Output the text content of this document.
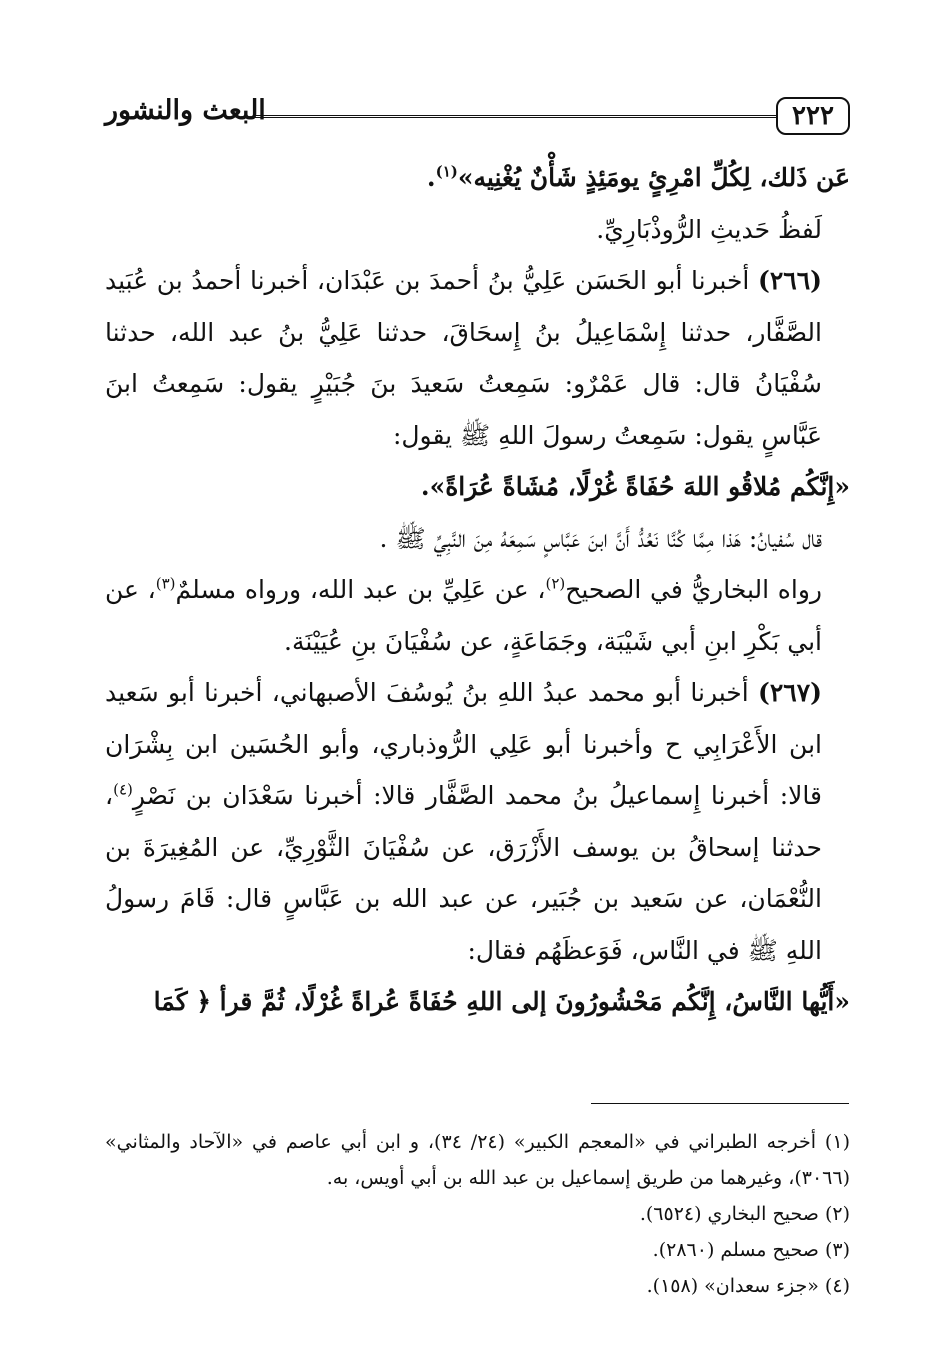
٢٢٢
البعث والنشور

عَن ذَلك، لِكُلِّ امْرِئٍ يومَئِذٍ شَأْنٌ يُغْنِيه»$^{(١)}$.

لَفظُ حَديثِ الرُّوذْبَارِيِّ.

(٢٦٦) أخبرنا أبو الحَسَن عَلِيُّ بنُ أحمدَ بن عَبْدَان، أخبرنا أحمدُ بن عُبَيد الصَّفَّار، حدثنا إِسْمَاعِيلُ بنُ إِسحَاقَ، حدثنا عَلِيُّ بنُ عبد الله، حدثنا سُفْيَانُ قال: قال عَمْرٌو: سَمِعتُ سَعيدَ بنَ جُبَيْرٍ يقول: سَمِعتُ ابنَ عَبَّاسٍ يقول: سَمِعتُ رسولَ اللهِ ﷺ يقول:

«إِنَّكُم مُلاقُو اللهَ حُفَاةً غُرْلًا، مُشَاةً عُرَاةً».

قال سُفيانُ: هَذا مِمَّا كُنَّا نَعُدُّ أَنَّ ابنَ عَبَّاسٍ سَمِعَهُ مِنَ النَّبِيِّ ﷺ .

رواه البخاريُّ في الصحيح$^{(٢)}$، عن عَلِيِّ بن عبد الله، ورواه مسلمٌ$^{(٣)}$، عن أبي بَكْرِ ابنِ أبي شَيْبَة، وجَمَاعَةٍ، عن سُفْيَانَ بنِ عُيَيْنَة.

(٢٦٧) أخبرنا أبو محمد عبدُ اللهِ بنُ يُوسُفَ الأصبهاني، أخبرنا أبو سَعيد ابن الأَعْرَابِي ح وأخبرنا أبو عَلِي الرُّوذباري، وأبو الحُسَين ابن بِشْرَان قالا: أخبرنا إِسماعيلُ بنُ محمد الصَّفَّار قالا: أخبرنا سَعْدَان بن نَصْرٍ$^{(٤)}$، حدثنا إسحاقُ بن يوسف الأَزْرَق، عن سُفْيَانَ الثَّوْرِيِّ، عن المُغِيرَةَ بن النُّعْمَان، عن سَعيد بن جُبَير، عن عبد الله بن عَبَّاسٍ قال: قَامَ رسولُ اللهِ ﷺ في النَّاس، فَوَعظَهُم فقال:

«أَيُّها النَّاسُ، إِنَّكُم مَحْشُورُونَ إلى اللهِ حُفَاةً عُراةً غُرْلًا، ثُمَّ قرأ ﴿ كَمَا

(١) أخرجه الطبراني في «المعجم الكبير» (٢٤/ ٣٤)، و ابن أبي عاصم في «الآحاد والمثاني» (٣٠٦٦)، وغيرهما من طريق إسماعيل بن عبد الله بن أبي أويس، به.

(٢) صحيح البخاري (٦٥٢٤).

(٣) صحيح مسلم (٢٨٦٠).

(٤) «جزء سعدان» (١٥٨).
